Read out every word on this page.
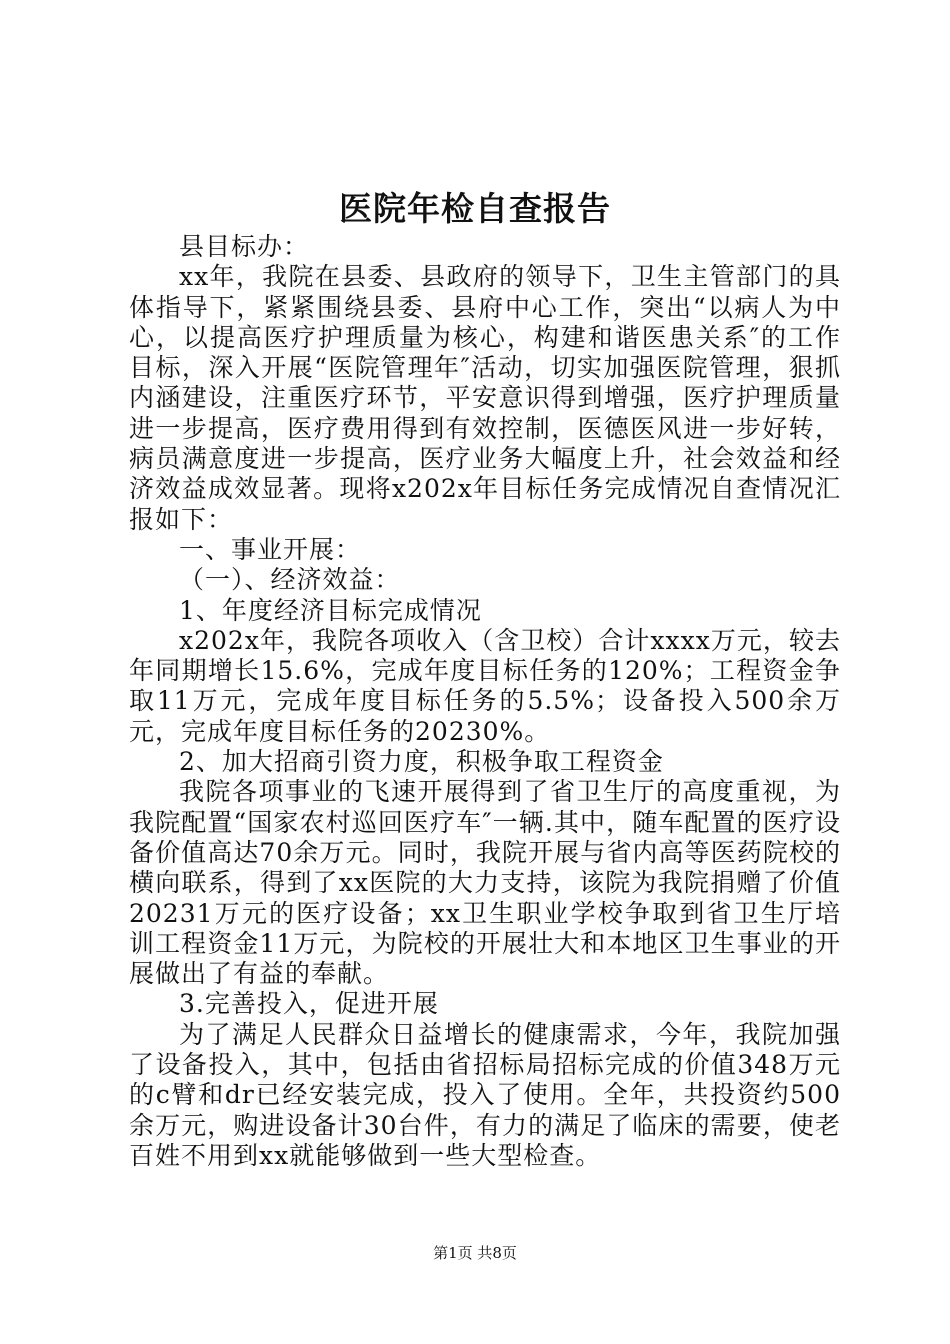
医院年检自查报告

县目标办：

xx年，我院在县委、县政府的领导下，卫生主管部门的具体指导下，紧紧围绕县委、县府中心工作，突出“以病人为中心，以提高医疗护理质量为核心，构建和谐医患关系″的工作目标，深入开展“医院管理年″活动，切实加强医院管理，狠抓内涵建设，注重医疗环节，平安意识得到增强，医疗护理质量进一步提高，医疗费用得到有效控制，医德医风进一步好转，病员满意度进一步提高，医疗业务大幅度上升，社会效益和经济效益成效显著。现将x202x年目标任务完成情况自查情况汇报如下：

一、事业开展：

（一）、经济效益：

1、年度经济目标完成情况

x202x年，我院各项收入（含卫校）合计xxxx万元，较去年同期增长15.6%，完成年度目标任务的120%；工程资金争取11万元，完成年度目标任务的5.5%；设备投入500余万元，完成年度目标任务的20230%。

2、加大招商引资力度，积极争取工程资金

我院各项事业的飞速开展得到了省卫生厅的高度重视，为我院配置“国家农村巡回医疗车″一辆.其中，随车配置的医疗设备价值高达70余万元。同时，我院开展与省内高等医药院校的横向联系，得到了xx医院的大力支持，该院为我院捐赠了价值20231万元的医疗设备；xx卫生职业学校争取到省卫生厅培训工程资金11万元，为院校的开展壮大和本地区卫生事业的开展做出了有益的奉献。

3.完善投入，促进开展

为了满足人民群众日益增长的健康需求，今年，我院加强了设备投入，其中，包括由省招标局招标完成的价值348万元的c臂和dr已经安装完成，投入了使用。全年，共投资约500余万元，购进设备计30台件，有力的满足了临床的需要，使老百姓不用到xx就能够做到一些大型检查。

第1页 共8页
